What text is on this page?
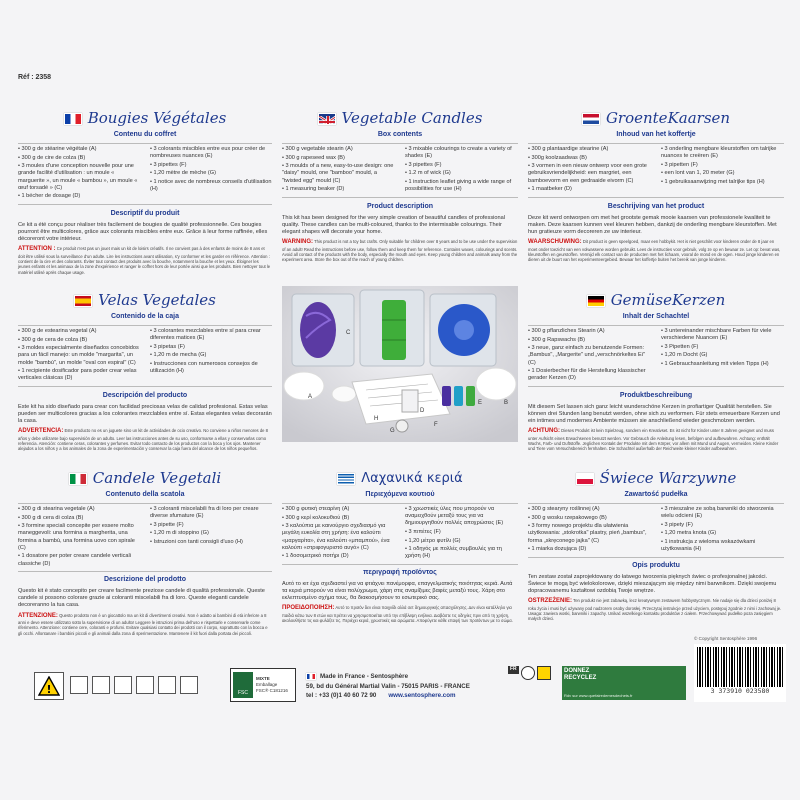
Réf : 2358
Bougies Végétales
Contenu du coffret
• 300 g de stéarine végétale (A)
• 300 g de cire de colza (B)
• 3 moules d'une conception nouvelle pour une grande facilité d'utilisation : un moule « marguerite », un moule « bambou », un moule « œuf torsadé » (C)
• 1 bécher de dosage (D)
• 3 colorants miscibles entre eux pour créer de nombreuses nuances (E)
• 3 pipettes (F)
• 1,20 mètre de mèche (G)
• 1 notice avec de nombreux conseils d'utilisation (H)
Descriptif du produit
Ce kit a été conçu pour réaliser très facilement de bougies de qualité professionnelle. Ces bougies pourront être multicolores, grâce aux colorants miscibles entre eux. Grâce à leur forme raffinée, elles décoreront votre intérieur.
ATTENTION : Ce produit n'est pas un jouet mais un kit de loisirs créatifs. Il ne convient pas à des enfants de moins de 8 ans et doit être utilisé sous la surveillance d'un adulte. Lire les instructions avant utilisation, s'y conformer et les garder en référence. Attention : contient de la cire et des colorants. Éviter tout contact des produits avec la bouche, notamment la bouche et les yeux. Éloigner les jeunes enfants et les animaux de la zone d'expérience et ranger le coffret hors de leur portée ainsi que les produits. Bien nettoyer tout le matériel utilisé après chaque usage.
Vegetable Candles
Box contents
• 300 g vegetable stearin (A)
• 300 g rapeseed wax (B)
• 3 moulds of a new, easy-to-use design: one "daisy" mould, one "bamboo" mould, a "twisted egg" mould (C)
• 1 measuring beaker (D)
• 3 mixable colourings to create a variety of shades (E)
• 3 pipettes (F)
• 1.2 m of wick (G)
• 1 instruction leaflet giving a wide range of possibilities for use (H)
Product description
This kit has been designed for the very simple creation of beautiful candles of professional quality. These candles can be multi-coloured, thanks to the intermixable colourings. Their elegant shapes will decorate your home.
WARNING: This product is not a toy but crafts. Only suitable for children over 8 years and to be use under the supervision of an adult! Read the instructions before use, follow them and keep them for reference. Contains waxes, colourings and scents. Avoid all contact of the products with the body, especially the mouth and eyes. Keep young children and animals away from the experiment area. Store the box out of the reach of young children.
GroenteKaarsen
Inhoud van het koffertje
• 300 g plantaardige stearine (A)
• 300g koolzaadwas (B)
• 3 vormen in een nieuw ontwerp voor een grote gebruiksvriendelijkheid: een margriet, een bamboevorm en een gedraaide eivorm (C)
• 1 maatbeker (D)
• 3 onderling mengbare kleurstoffen om talrijke nuances te creëren (E)
• 3 pipetten (F)
• een lont van 1, 20 meter (G)
• 1 gebruiksaanwijzing met talrijke tips (H)
Beschrijving van het product
Deze kit werd ontworpen om met het grootste gemak mooie kaarsen van professionele kwaliteit te maken. Deze kaarsen kunnen veel kleuren hebben, dankzij de onderling mengbare kleurstoffen. Met hun gratieuze vorm decoreren ze uw interieur.
WAARSCHUWING: Dit product is geen speelgoed, maar een hobbykit. Het is niet geschikt voor kinderen onder de 8 jaar en moet onder toezicht van een volwassene worden gebruikt. Lees de instructies voor gebruik, volg ze op en bewaar ze. Let op: bevat was, kleurstoffen en geurstoffen. Vermijd elk contact van de producten met het lichaam, vooral de mond en de ogen. Houd jonge kinderen en dieren uit de buurt van het experimenteergebied. Bewaar het koffertje buiten het bereik van jonge kinderen.
Velas Vegetales
Contenido de la caja
• 300 g de estearina vegetal (A)
• 300 g de cera de colza (B)
• 3 moldes especialmente diseñados concebidos para un fácil manejo: un molde "margarita", un molde "bambú", un molde "oval con espiral" (C)
• 1 recipiente dosificador para poder crear velas verticales clásicas (D)
• 3 colorantes mezclables entre sí para crear diferentes matices (E)
• 3 pipetas (F)
• 1,20 m de mecha (G)
• Instrucciones con numerosos consejos de utilización (H)
Descripción del producto
Este kit ha sido diseñado para crear con facilidad preciosas velas de calidad profesional. Estas velas pueden ser multicolores gracias a los colorantes mezclables entre sí. Estas elegantes velas decorarán la casa.
ADVERTENCIA: Este producto no es un juguete sino un kit de actividades de ocio creativo. No conviene a niños menores de 8 años y debe utilizarse bajo supervisión de un adulto. Leer las instrucciones antes de su uso, conformarse a ellas y conservarlas como referencia. Atención: contiene ceras, colorantes y perfumes. Evitar todo contacto de los productos con la boca y los ojos. Mantener alejados a los niños y a los animales de la zona de experimentación y conservar la caja fuera del alcance de los niños pequeños.
A
B
C
D
E
F
G
H
GemüseKerzen
Inhalt der Schachtel
• 300 g pflanzliches Stearin (A)
• 300 g Rapswachs (B)
• 3 neue, ganz einfach zu benutzende Formen: „Bambus", „Margerite" und „verschnörkeltes Ei" (C)
• 1 Dosierbecher für die Herstellung klassischer gerader Kerzen (D)
• 3 untereinander mischbare Farben für viele verschiedene Nuancen (E)
• 3 Pipetten (F)
• 1,20 m Docht (G)
• 1 Gebrauchsanleitung mit vielen Tipps (H)
Produktbeschreibung
Mit diesem Set lassen sich ganz leicht wunderschöne Kerzen in profiartiger Qualität herstellen. Sie können drei Stunden lang benutzt werden, ohne sich zu verformen. Für stets erneuerbare Kerzen und ein intimes und modernes Ambiente müssen sie anschließend wieder geschmolzen werden.
ACHTUNG: Dieses Produkt ist kein Spielzeug, sondern ein Kreativset. Es ist nicht für Kinder unter 8 Jahren geeignet und muss unter Aufsicht eines Erwachsenen benutzt werden. Vor Gebrauch die Anleitung lesen, befolgen und aufbewahren. Achtung: enthält Wachs, Farb- und Duftstoffe. Jeglichen Kontakt der Produkte mit dem Körper, vor allem mit Mund und Augen, vermeiden. Kleine Kinder und Tiere vom Versuchsbereich fernhalten. Die Schachtel außerhalb der Reichweite kleiner Kinder aufbewahren.
Candele Vegetali
Contenuto della scatola
• 300 g di stearina vegetale (A)
• 300 g di cera di colza (B)
• 3 formine speciali concepite per essere molto maneggevoli: una formina a margherita, una formina a bambù, una formina uovo con spirale (C)
• 1 dosatore per poter creare candele verticali classiche (D)
• 3 coloranti miscelabili fra di loro per creare diverse sfumature (E)
• 3 pipette (F)
• 1,20 m di stoppino (G)
• Istruzioni con tanti consigli d'uso (H)
Descrizione del prodotto
Questo kit è stato concepito per creare facilmente preziose candele di qualità professionale. Queste candele si possono colorare grazie ai coloranti miscelabili fra di loro. Queste eleganti candele decoreranno la tua casa.
ATTENZIONE: Questo prodotto non è un giocattolo ma un kit di divertimenti creativi. Non è adatto ai bambini di età inferiore a 8 anni e deve essere utilizzato sotto la supervisione di un adulto! Leggere le istruzioni prima dell'uso e rispettarle e conservarle come riferimento. Attenzione: contiene cere, coloranti e profumi. Evitare qualsiasi contatto dei prodotti con il corpo, soprattutto con la bocca e gli occhi. Allontanare i bambini piccoli e gli animali dalla zona di sperimentazione. Mantenere il kit fuori dalla portata dei piccoli.
Λαχανικά κεριά
Περιεχόμενα κουτιού
• 300 g φυτική στεαρίνη (A)
• 300 g κερί κολοκυθιού (B)
• 3 καλούπια με καινούργιο σχεδιασμό για μεγάλη ευκολία στη χρήση: ένα καλούπι «μαργαρίτα», ένα καλούπι «μπαμπού», ένα καλούπι «στριφογυριστό αυγό» (C)
• 1 δοσομετρικό ποτήρι (D)
• 3 χρωστικές ύλες που μπορούν να αναμειχθούν μεταξύ τους για να δημιουργηθούν πολλές αποχρώσεις (E)
• 3 πιπέτες (F)
• 1,20 μέτρο φυτίλι (G)
• 1 οδηγός με πολλές συμβουλές για τη χρήση (H)
περιγραφή προϊόντος
Αυτό το κιτ έχει σχεδιαστεί για να φτιάχνει πανέμορφα, επαγγελματικής ποιότητας κεριά. Αυτά τα κεριά μπορούν να είναι πολύχρωμα, χάρη στις αναμίξιμες βαφές μεταξύ τους. Χάρη στο εκλεπτυσμένο σχήμα τους, θα διακοσμήσουν το εσωτερικό σας.
ΠΡΟΕΙΔΟΠΟΙΗΣΗ: Αυτό το προϊόν δεν είναι παιχνίδι αλλά σετ δημιουργικής απασχόλησης. Δεν είναι κατάλληλο για παιδιά κάτω των 8 ετών και πρέπει να χρησιμοποιείται υπό την επίβλεψη ενήλικα. Διαβάστε τις οδηγίες πριν από τη χρήση, ακολουθήστε τις και φυλάξτε τις. Περιέχει κεριά, χρωστικές και αρώματα. Αποφύγετε κάθε επαφή των προϊόντων με το σώμα.
Świece Warzywne
Zawartość pudełka
• 300 g stearyny roślinnej (A)
• 300 g wosku rzepakowego (B)
• 3 formy nowego projektu dla ułatwienia użytkowania: „stokrotka" plastry, pień „bambus", forma „skręconego jajka" (C)
• 1 miarka dozująca (D)
• 3 mieszalne ze sobą barwniki do stworzenia wielu odcieni (E)
• 3 pipety (F)
• 1,20 metra knota (G)
• 1 instrukcja z wieloma wskazówkami użytkowania (H)
Opis produktu
Ten zestaw został zaprojektowany do łatwego tworzenia pięknych świec o profesjonalnej jakości. Świece te mogą być wielokolorowe, dzięki mieszającym się między nimi barwnikom. Dzięki swojemu dopracowanemu kształtowi ozdobią Twoje wnętrze.
OSTRZEŻENIE: Ten produkt nie jest zabawką, lecz kreatywnym zestawem hobbystycznym. Nie nadaje się dla dzieci poniżej 8 roku życia i musi być używany pod nadzorem osoby dorosłej. Przeczytaj instrukcje przed użyciem, postępuj zgodnie z nimi i zachowaj je. Uwaga: zawiera woski, barwniki i zapachy. Unikać wszelkiego kontaktu produktów z ciałem. Przechowywać pudełko poza zasięgiem małych dzieci.
!	FSC
MIXTE
Emballage
FSC® C181216
Made in France - Sentosphère
59, bd du Général Martial Valin - 75015 PARIS - FRANCE
tel : +33 (0)1 40 60 72 90 www.sentosphere.com
FR	DONNEZ
RECYCLEZ
Rdv sur www.quefairedemesdechets.fr
© Copyright Sentosphère 1996
3 373910 023580
